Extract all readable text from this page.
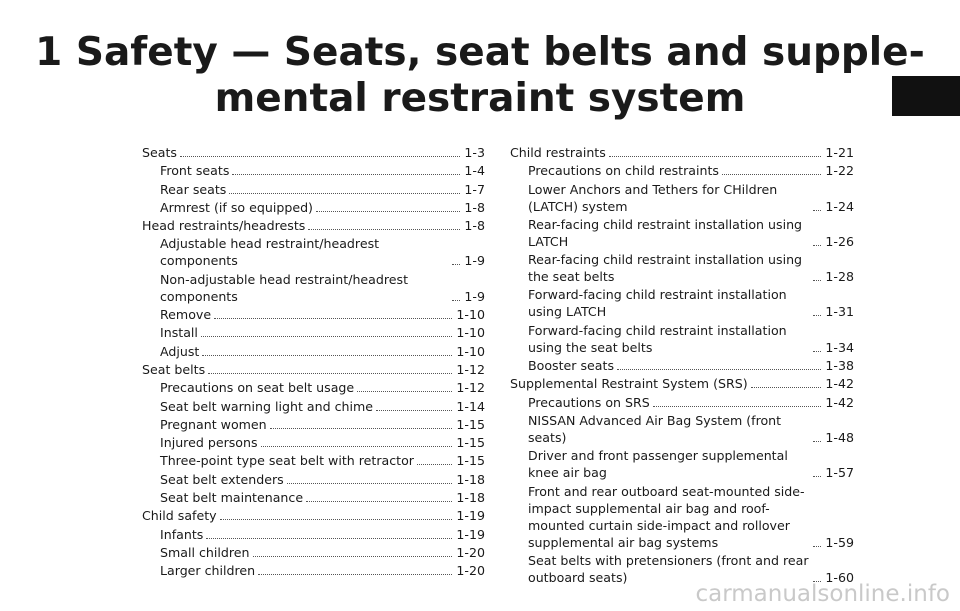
1 Safety — Seats, seat belts and supple-
mental restraint system
Seats	1-3
Front seats	1-4
Rear seats	1-7
Armrest (if so equipped)	1-8
Head restraints/headrests	1-8
Adjustable head restraint/headrest components	1-9
Non-adjustable head restraint/headrest components	1-9
Remove	1-10
Install	1-10
Adjust	1-10
Seat belts	1-12
Precautions on seat belt usage	1-12
Seat belt warning light and chime	1-14
Pregnant women	1-15
Injured persons	1-15
Three-point type seat belt with retractor	1-15
Seat belt extenders	1-18
Seat belt maintenance	1-18
Child safety	1-19
Infants	1-19
Small children	1-20
Larger children	1-20
Child restraints	1-21
Precautions on child restraints	1-22
Lower Anchors and Tethers for CHildren (LATCH) system	1-24
Rear-facing child restraint installation using LATCH	1-26
Rear-facing child restraint installation using the seat belts	1-28
Forward-facing child restraint installation using LATCH	1-31
Forward-facing child restraint installation using the seat belts	1-34
Booster seats	1-38
Supplemental Restraint System (SRS)	1-42
Precautions on SRS	1-42
NISSAN Advanced Air Bag System (front seats)	1-48
Driver and front passenger supplemental knee air bag	1-57
Front and rear outboard seat-mounted side-impact supplemental air bag and roof-mounted curtain side-impact and rollover supplemental air bag systems	1-59
Seat belts with pretensioners (front and rear outboard seats)	1-60
carmanualsonline.info
